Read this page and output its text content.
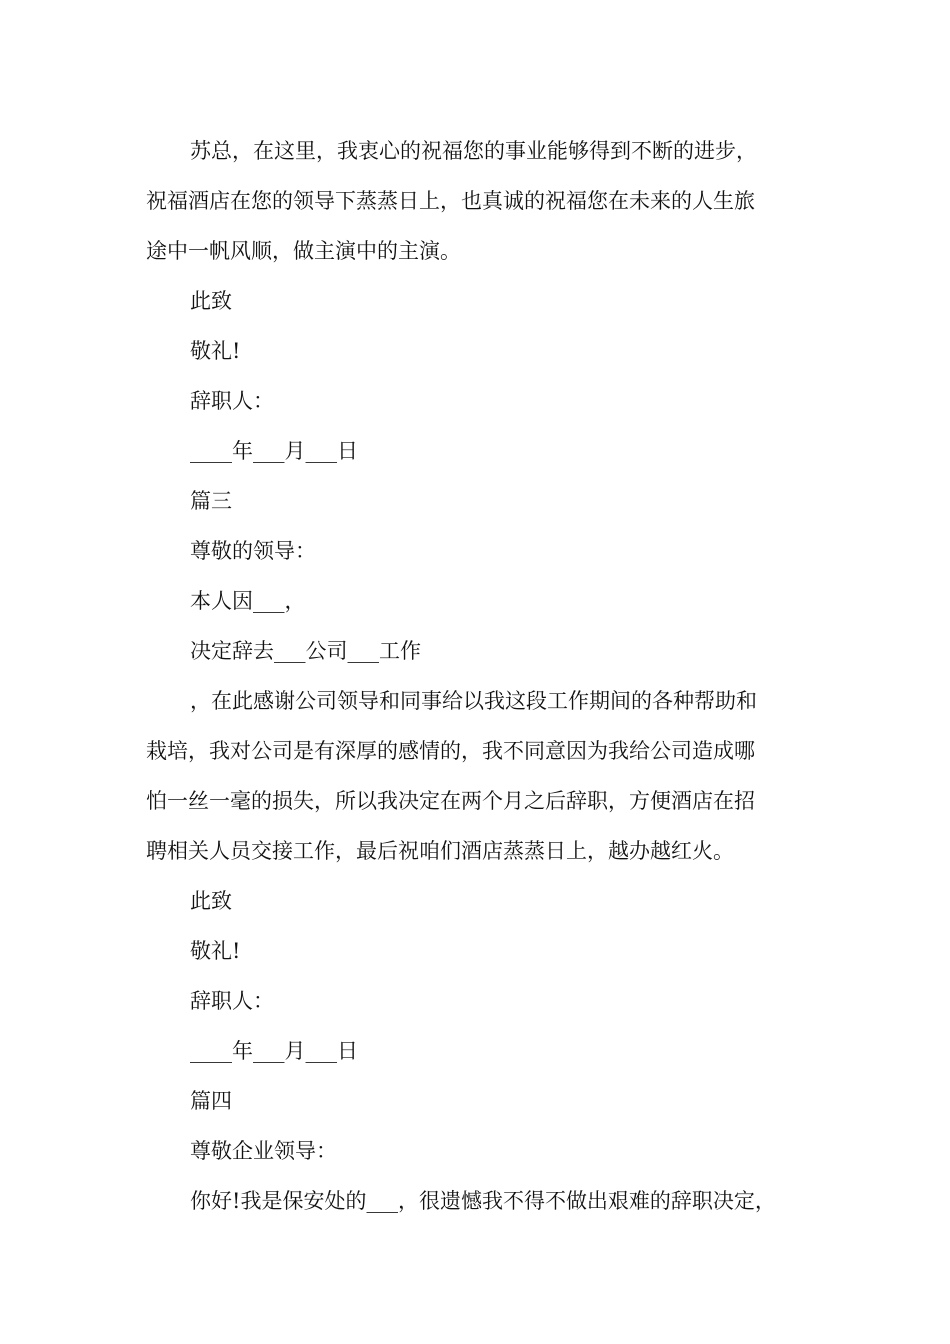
苏总，在这里，我衷心的祝福您的事业能够得到不断的进步，

祝福酒店在您的领导下蒸蒸日上，也真诚的祝福您在未来的人生旅

途中一帆风顺，做主演中的主演。

此致

敬礼!

辞职人：

____年___月___日

篇三

尊敬的领导：

本人因___，

决定辞去___公司___工作

，在此感谢公司领导和同事给以我这段工作期间的各种帮助和

栽培，我对公司是有深厚的感情的，我不同意因为我给公司造成哪

怕一丝一毫的损失，所以我决定在两个月之后辞职，方便酒店在招

聘相关人员交接工作，最后祝咱们酒店蒸蒸日上，越办越红火。

此致

敬礼!

辞职人：

____年___月___日

篇四

尊敬企业领导：

你好!我是保安处的___，很遗憾我不得不做出艰难的辞职决定，
